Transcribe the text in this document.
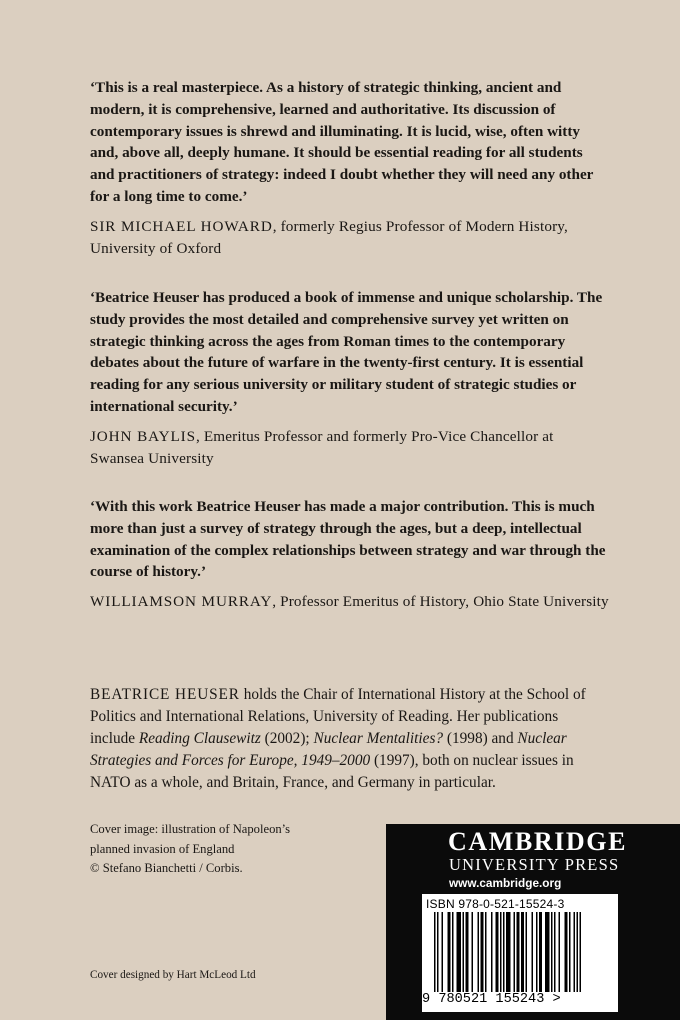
‘This is a real masterpiece. As a history of strategic thinking, ancient and modern, it is comprehensive, learned and authoritative. Its discussion of contemporary issues is shrewd and illuminating. It is lucid, wise, often witty and, above all, deeply humane. It should be essential reading for all students and practitioners of strategy: indeed I doubt whether they will need any other for a long time to come.’

SIR MICHAEL HOWARD, formerly Regius Professor of Modern History, University of Oxford

‘Beatrice Heuser has produced a book of immense and unique scholarship. The study provides the most detailed and comprehensive survey yet written on strategic thinking across the ages from Roman times to the contemporary debates about the future of warfare in the twenty-first century. It is essential reading for any serious university or military student of strategic studies or international security.’

JOHN BAYLIS, Emeritus Professor and formerly Pro-Vice Chancellor at Swansea University

‘With this work Beatrice Heuser has made a major contribution. This is much more than just a survey of strategy through the ages, but a deep, intellectual examination of the complex relationships between strategy and war through the course of history.’

WILLIAMSON MURRAY, Professor Emeritus of History, Ohio State University

BEATRICE HEUSER holds the Chair of International History at the School of Politics and International Relations, University of Reading. Her publications include Reading Clausewitz (2002); Nuclear Mentalities? (1998) and Nuclear Strategies and Forces for Europe, 1949–2000 (1997), both on nuclear issues in NATO as a whole, and Britain, France, and Germany in particular.

Cover image: illustration of Napoleon’s
planned invasion of England
© Stefano Bianchetti / Corbis.

Cover designed by Hart McLeod Ltd

CAMBRIDGE

UNIVERSITY PRESS

www.cambridge.org

ISBN 978-0-521-15524-3

9 780521 155243 >
